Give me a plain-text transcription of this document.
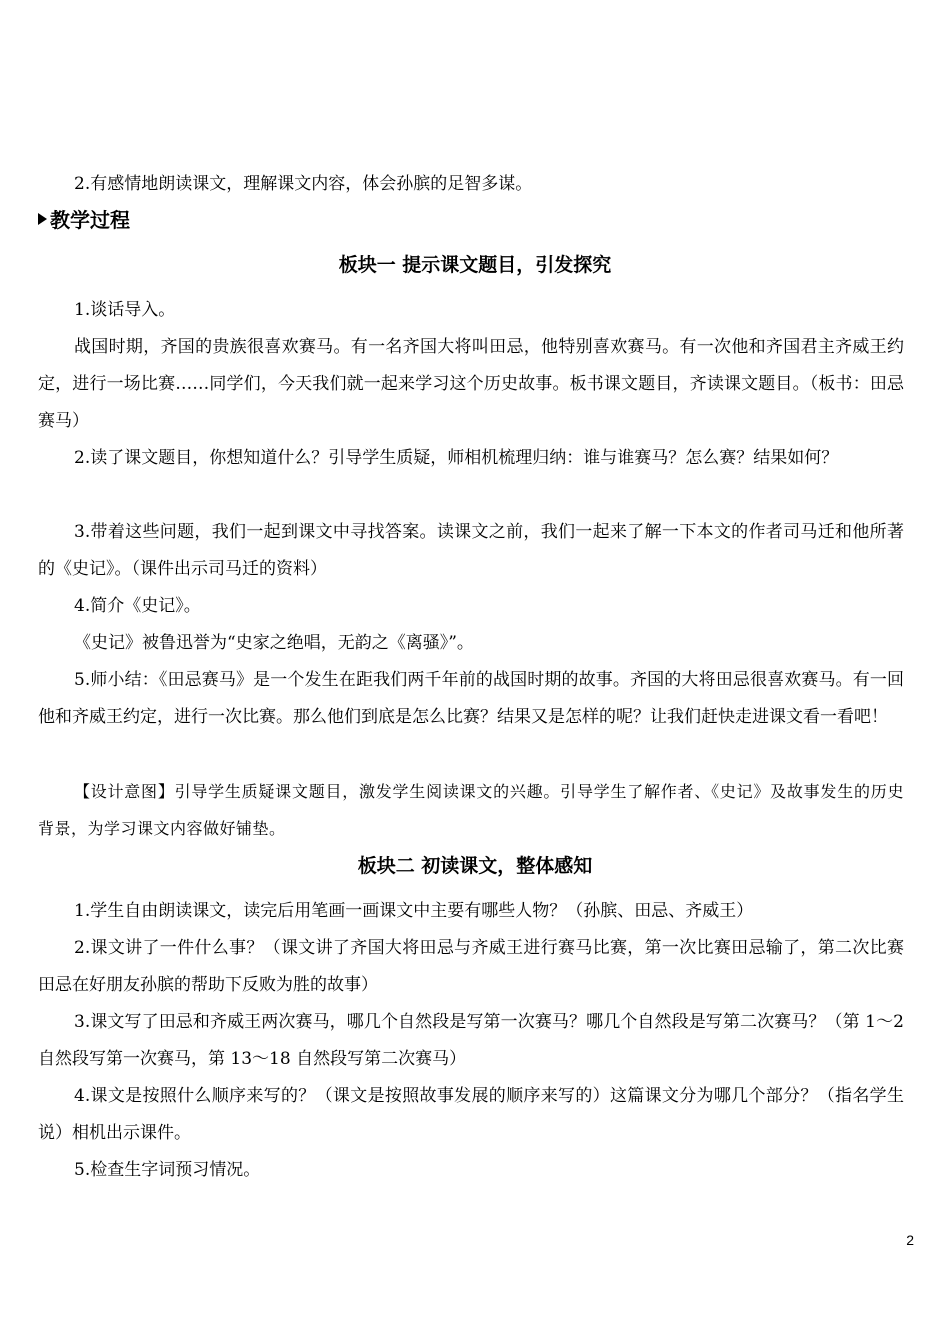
2.有感情地朗读课文，理解课文内容，体会孙膑的足智多谋。
教学过程
板块一 提示课文题目，引发探究
1.谈话导入。
战国时期，齐国的贵族很喜欢赛马。有一名齐国大将叫田忌，他特别喜欢赛马。有一次他和齐国君主齐威王约定，进行一场比赛……同学们，今天我们就一起来学习这个历史故事。板书课文题目，齐读课文题目。（板书：田忌赛马）
2.读了课文题目，你想知道什么？引导学生质疑，师相机梳理归纳：谁与谁赛马？怎么赛？结果如何？
3.带着这些问题，我们一起到课文中寻找答案。读课文之前，我们一起来了解一下本文的作者司马迁和他所著的《史记》。（课件出示司马迁的资料）
4.简介《史记》。
《史记》被鲁迅誉为“史家之绝唱，无韵之《离骚》”。
5.师小结：《田忌赛马》是一个发生在距我们两千年前的战国时期的故事。齐国的大将田忌很喜欢赛马。有一回他和齐威王约定，进行一次比赛。那么他们到底是怎么比赛？结果又是怎样的呢？让我们赶快走进课文看一看吧！
【设计意图】引导学生质疑课文题目，激发学生阅读课文的兴趣。引导学生了解作者、《史记》及故事发生的历史背景，为学习课文内容做好铺垫。
板块二 初读课文，整体感知
1.学生自由朗读课文，读完后用笔画一画课文中主要有哪些人物？（孙膑、田忌、齐威王）
2.课文讲了一件什么事？（课文讲了齐国大将田忌与齐威王进行赛马比赛，第一次比赛田忌输了，第二次比赛田忌在好朋友孙膑的帮助下反败为胜的故事）
3.课文写了田忌和齐威王两次赛马，哪几个自然段是写第一次赛马？哪几个自然段是写第二次赛马？（第 1～2 自然段写第一次赛马，第 13～18 自然段写第二次赛马）
4.课文是按照什么顺序来写的？（课文是按照故事发展的顺序来写的）这篇课文分为哪几个部分？（指名学生说）相机出示课件。
5.检查生字词预习情况。
2
